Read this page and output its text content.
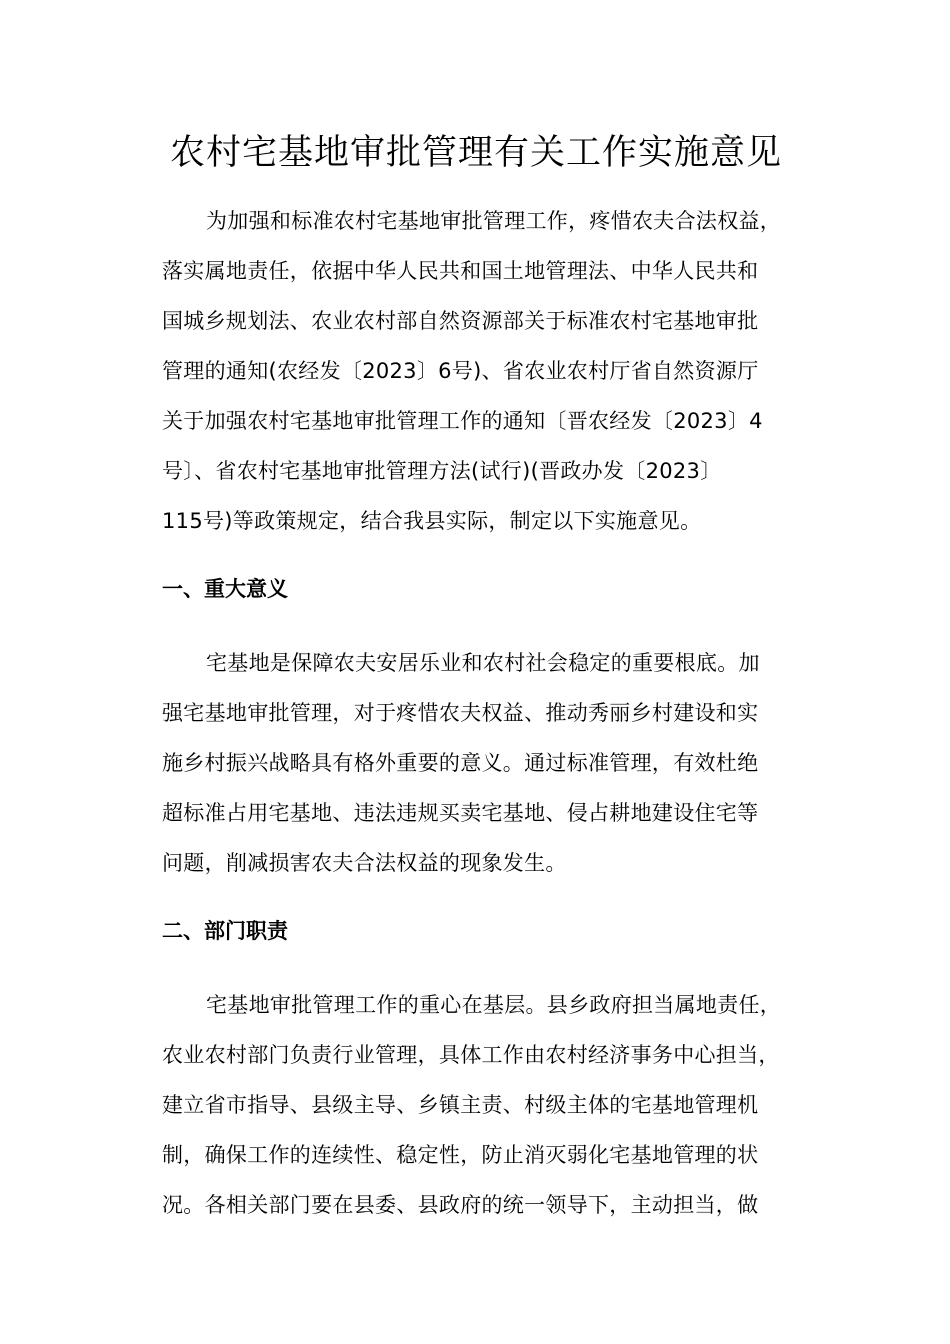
农村宅基地审批管理有关工作实施意见

为加强和标准农村宅基地审批管理工作，疼惜农夫合法权益，
落实属地责任，依据中华人民共和国土地管理法、中华人民共和
国城乡规划法、农业农村部自然资源部关于标准农村宅基地审批
管理的通知(农经发〔2023〕6号)、省农业农村厅省自然资源厅
关于加强农村宅基地审批管理工作的通知〔晋农经发〔2023〕4
号〕、省农村宅基地审批管理方法(试行)(晋政办发〔2023〕
115号)等政策规定，结合我县实际，制定以下实施意见。

一、重大意义

宅基地是保障农夫安居乐业和农村社会稳定的重要根底。加
强宅基地审批管理，对于疼惜农夫权益、推动秀丽乡村建设和实
施乡村振兴战略具有格外重要的意义。通过标准管理，有效杜绝
超标准占用宅基地、违法违规买卖宅基地、侵占耕地建设住宅等
问题，削减损害农夫合法权益的现象发生。

二、部门职责

宅基地审批管理工作的重心在基层。县乡政府担当属地责任，
农业农村部门负责行业管理，具体工作由农村经济事务中心担当，
建立省市指导、县级主导、乡镇主责、村级主体的宅基地管理机
制，确保工作的连续性、稳定性，防止消灭弱化宅基地管理的状
况。各相关部门要在县委、县政府的统一领导下，主动担当，做
